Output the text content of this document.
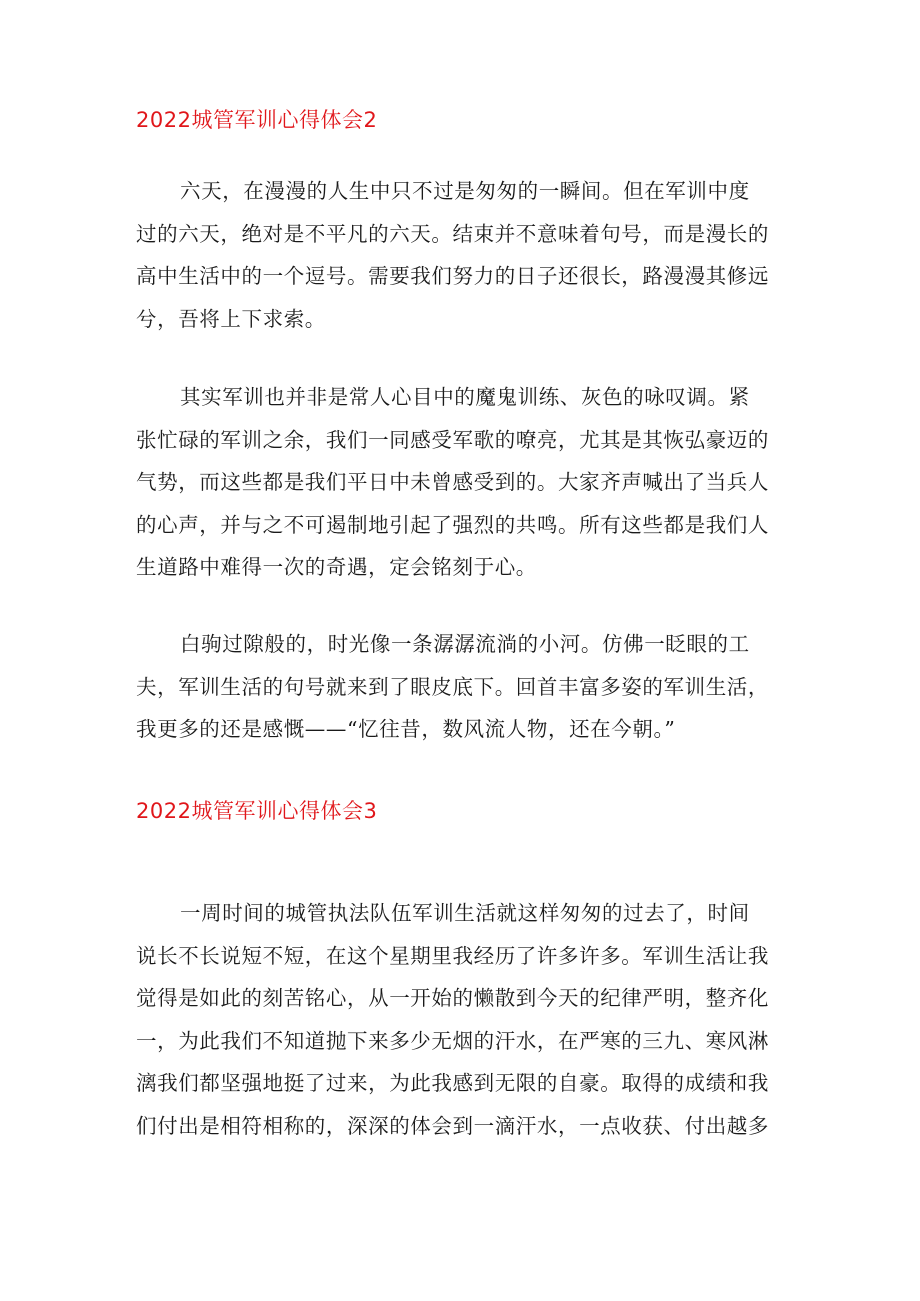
2022城管军训心得体会2
六天，在漫漫的人生中只不过是匆匆的一瞬间。但在军训中度
过的六天，绝对是不平凡的六天。结束并不意味着句号，而是漫长的
高中生活中的一个逗号。需要我们努力的日子还很长，路漫漫其修远
兮，吾将上下求索。
其实军训也并非是常人心目中的魔鬼训练、灰色的咏叹调。紧
张忙碌的军训之余，我们一同感受军歌的嘹亮，尤其是其恢弘豪迈的
气势，而这些都是我们平日中未曾感受到的。大家齐声喊出了当兵人
的心声，并与之不可遏制地引起了强烈的共鸣。所有这些都是我们人
生道路中难得一次的奇遇，定会铭刻于心。
白驹过隙般的，时光像一条潺潺流淌的小河。仿佛一眨眼的工
夫，军训生活的句号就来到了眼皮底下。回首丰富多姿的军训生活，
我更多的还是感慨——“忆往昔，数风流人物，还在今朝。”
2022城管军训心得体会3
一周时间的城管执法队伍军训生活就这样匆匆的过去了，时间
说长不长说短不短，在这个星期里我经历了许多许多。军训生活让我
觉得是如此的刻苦铭心，从一开始的懒散到今天的纪律严明，整齐化
一，为此我们不知道抛下来多少无烟的汗水，在严寒的三九、寒风淋
漓我们都坚强地挺了过来，为此我感到无限的自豪。取得的成绩和我
们付出是相符相称的，深深的体会到一滴汗水，一点收获、付出越多
